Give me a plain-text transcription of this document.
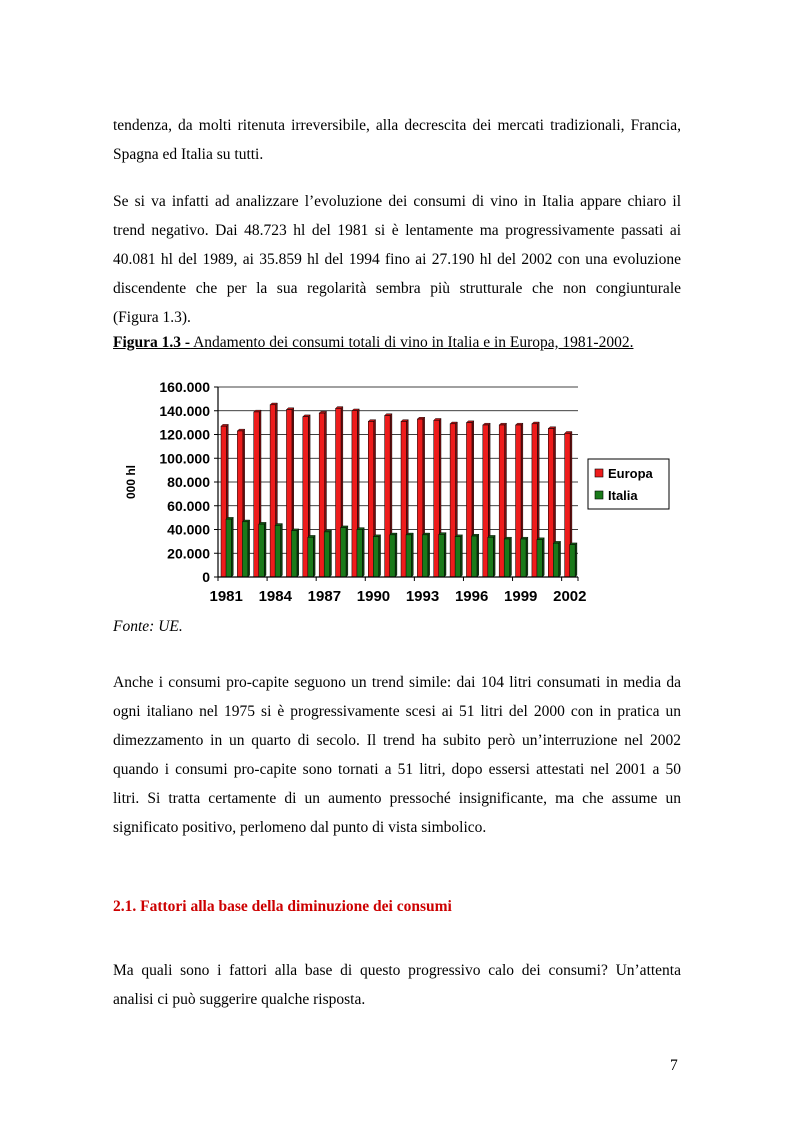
tendenza, da molti ritenuta irreversibile, alla decrescita dei mercati tradizionali, Francia,
Spagna ed Italia su tutti.

Se si va infatti ad analizzare l’evoluzione dei consumi di vino in Italia appare chiaro il
trend negativo. Dai 48.723 hl del 1981 si è lentamente ma progressivamente passati ai
40.081 hl del 1989, ai 35.859 hl del 1994 fino ai 27.190 hl del 2002 con una evoluzione
discendente che per la sua regolarità sembra più strutturale che non congiunturale
(Figura 1.3).

Figura 1.3 - Andamento dei consumi totali di vino in Italia e in Europa, 1981-2002.
0
20.000
40.000
60.000
80.000
100.000
120.000
140.000
160.000
1981 1984 1987 1990 1993 1996 1999 2002
000 hl	Europa
Italia
Fonte: UE.

Anche i consumi pro-capite seguono un trend simile: dai 104 litri consumati in media da
ogni italiano nel 1975 si è progressivamente scesi ai 51 litri del 2000 con in pratica un
dimezzamento in un quarto di secolo. Il trend ha subito però un’interruzione nel 2002
quando i consumi pro-capite sono tornati a 51 litri, dopo essersi attestati nel 2001 a 50
litri. Si tratta certamente di un aumento pressoché insignificante, ma che assume un
significato positivo, perlomeno dal punto di vista simbolico.

2.1. Fattori alla base della diminuzione dei consumi

Ma quali sono i fattori alla base di questo progressivo calo dei consumi? Un’attenta
analisi ci può suggerire qualche risposta.

7
